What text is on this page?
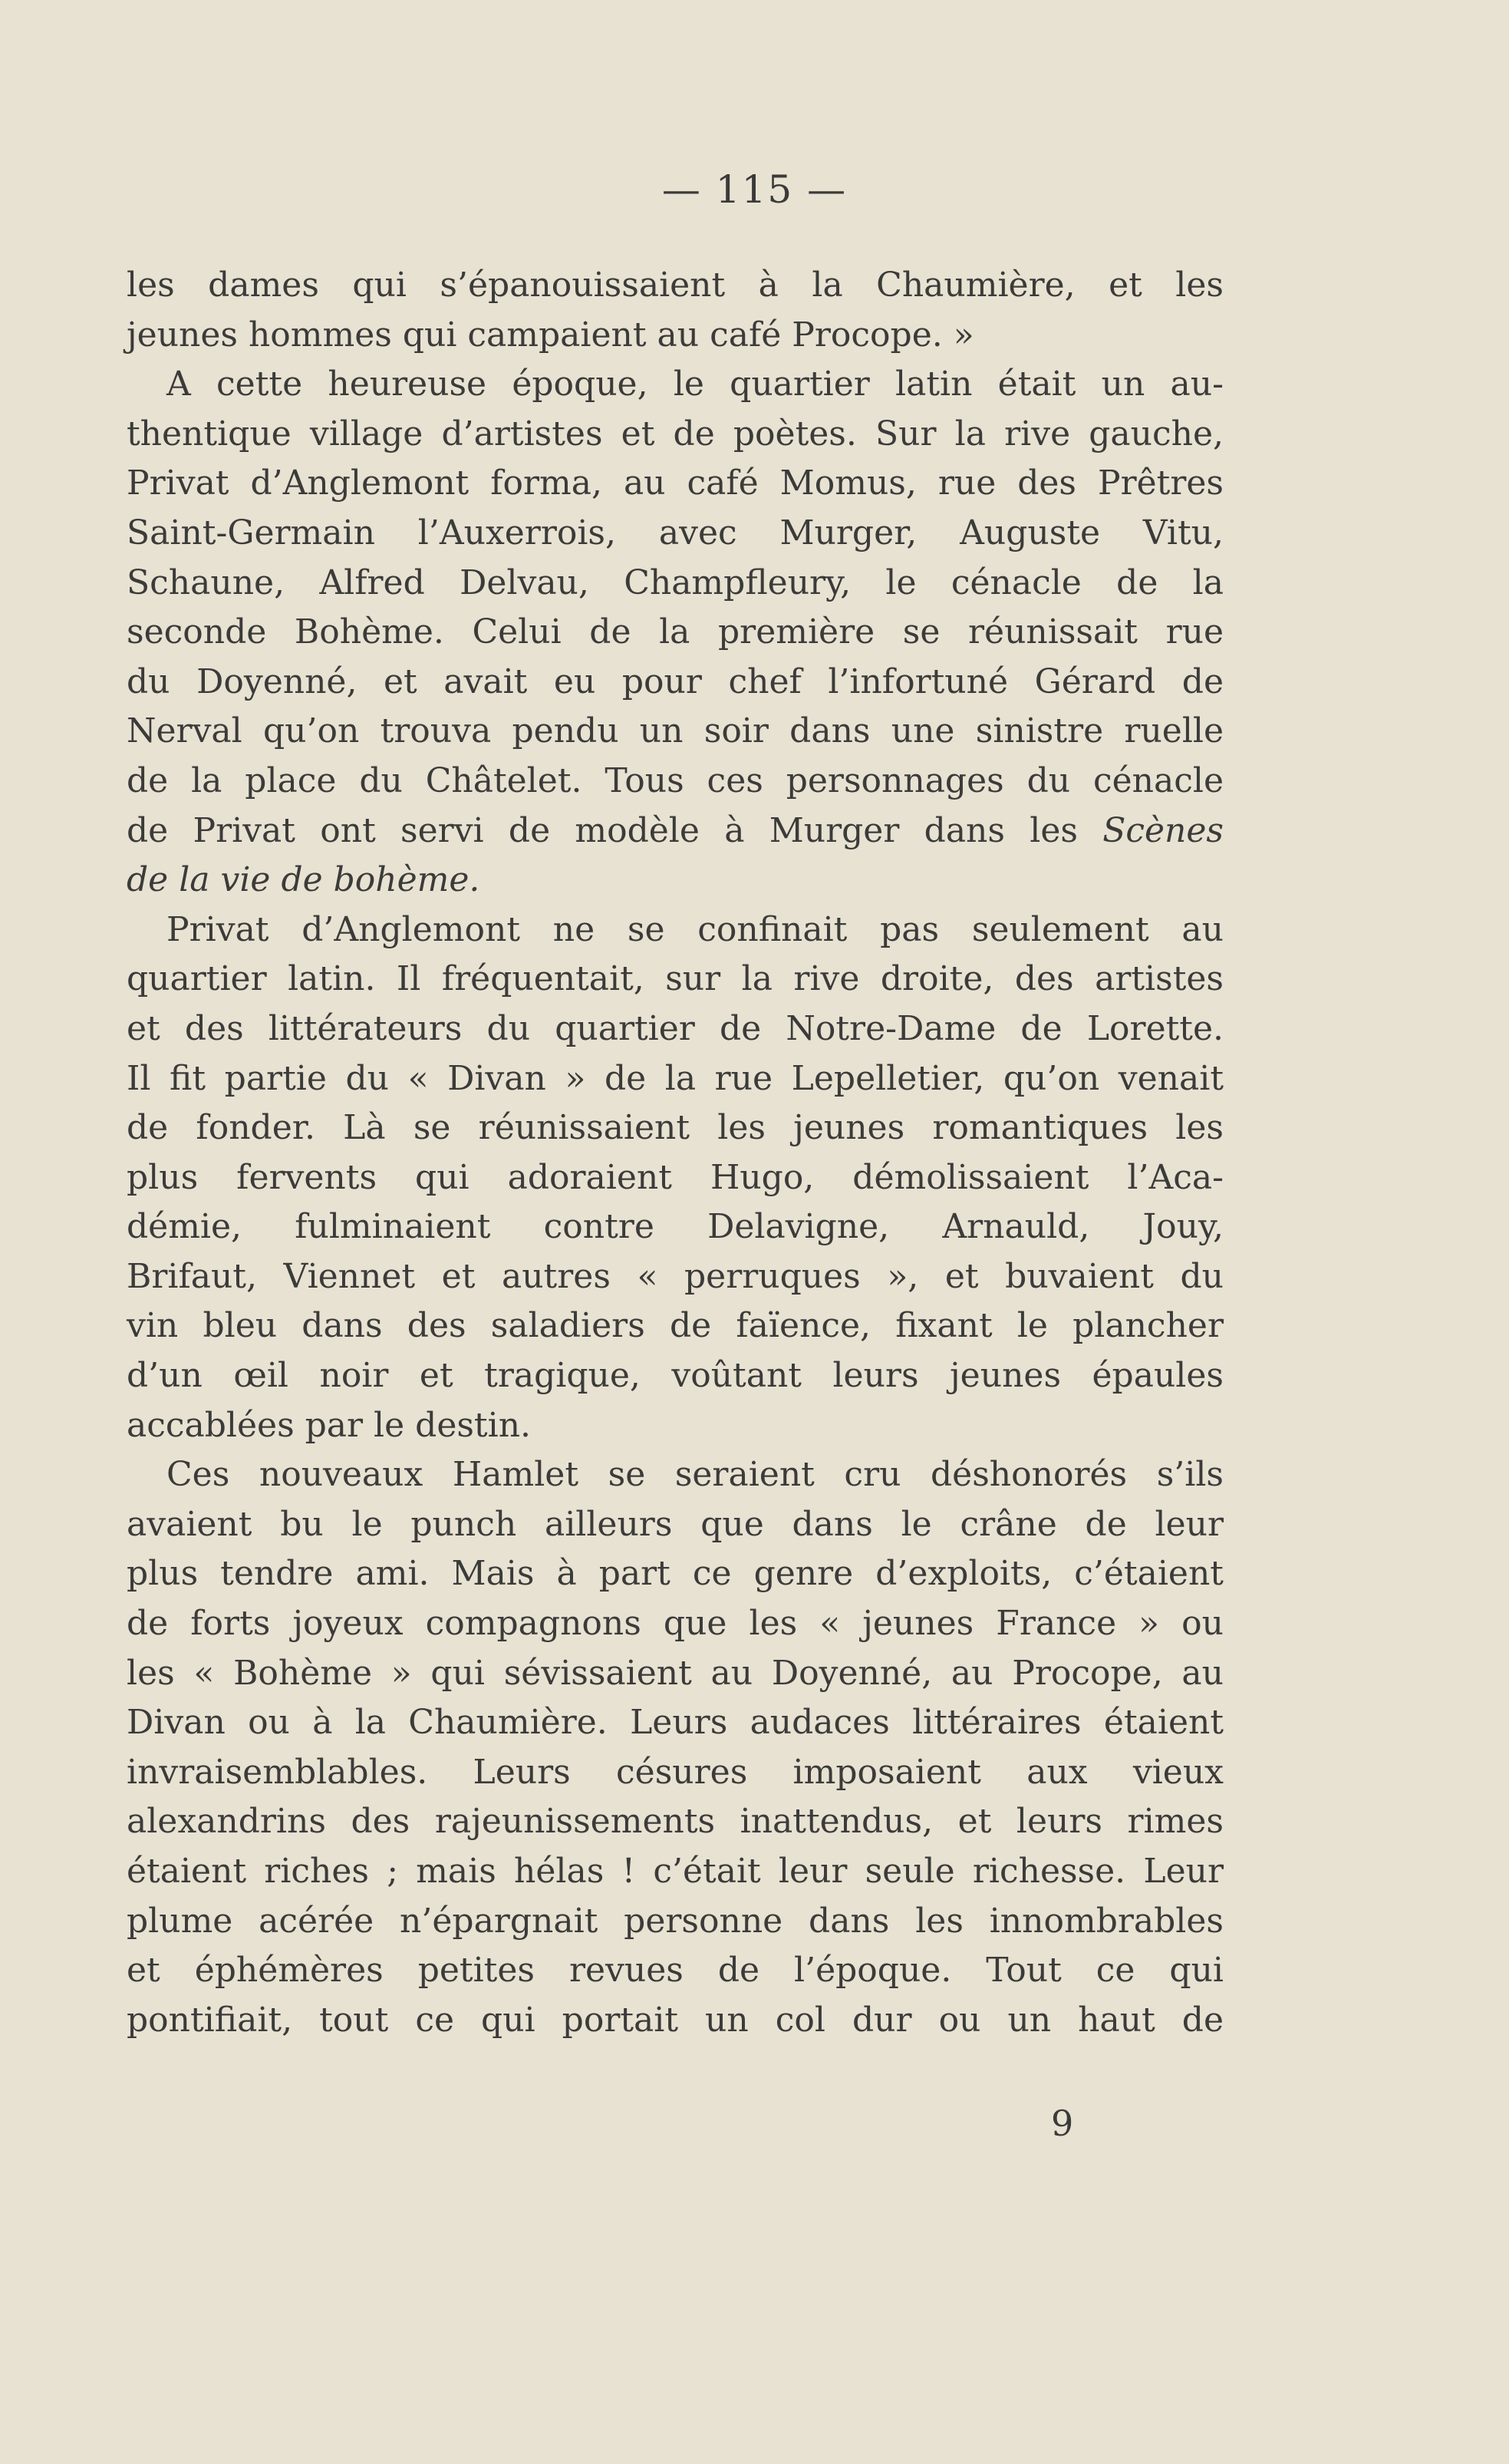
— 115 —
les dames qui s’épanouissaient à la Chaumière, et les
jeunes hommes qui campaient au café Procope. »
A cette heureuse époque, le quartier latin était un au-
thentique village d’artistes et de poètes. Sur la rive gauche,
Privat d’Anglemont forma, au café Momus, rue des Prêtres
Saint-Germain l’Auxerrois, avec Murger, Auguste Vitu,
Schaune, Alfred Delvau, Champfleury, le cénacle de la
seconde Bohème. Celui de la première se réunissait rue
du Doyenné, et avait eu pour chef l’infortuné Gérard de
Nerval qu’on trouva pendu un soir dans une sinistre ruelle
de la place du Châtelet. Tous ces personnages du cénacle
de Privat ont servi de modèle à Murger dans les Scènes
de la vie de bohème.
Privat d’Anglemont ne se confinait pas seulement au
quartier latin. Il fréquentait, sur la rive droite, des artistes
et des littérateurs du quartier de Notre-Dame de Lorette.
Il fit partie du « Divan » de la rue Lepelletier, qu’on venait
de fonder. Là se réunissaient les jeunes romantiques les
plus fervents qui adoraient Hugo, démolissaient l’Aca-
démie, fulminaient contre Delavigne, Arnauld, Jouy,
Brifaut, Viennet et autres « perruques », et buvaient du
vin bleu dans des saladiers de faïence, fixant le plancher
d’un œil noir et tragique, voûtant leurs jeunes épaules
accablées par le destin.
Ces nouveaux Hamlet se seraient cru déshonorés s’ils
avaient bu le punch ailleurs que dans le crâne de leur
plus tendre ami. Mais à part ce genre d’exploits, c’étaient
de forts joyeux compagnons que les « jeunes France » ou
les « Bohème » qui sévissaient au Doyenné, au Procope, au
Divan ou à la Chaumière. Leurs audaces littéraires étaient
invraisemblables. Leurs césures imposaient aux vieux
alexandrins des rajeunissements inattendus, et leurs rimes
étaient riches ; mais hélas ! c’était leur seule richesse. Leur
plume acérée n’épargnait personne dans les innombrables
et éphémères petites revues de l’époque. Tout ce qui
pontifiait, tout ce qui portait un col dur ou un haut de
9
